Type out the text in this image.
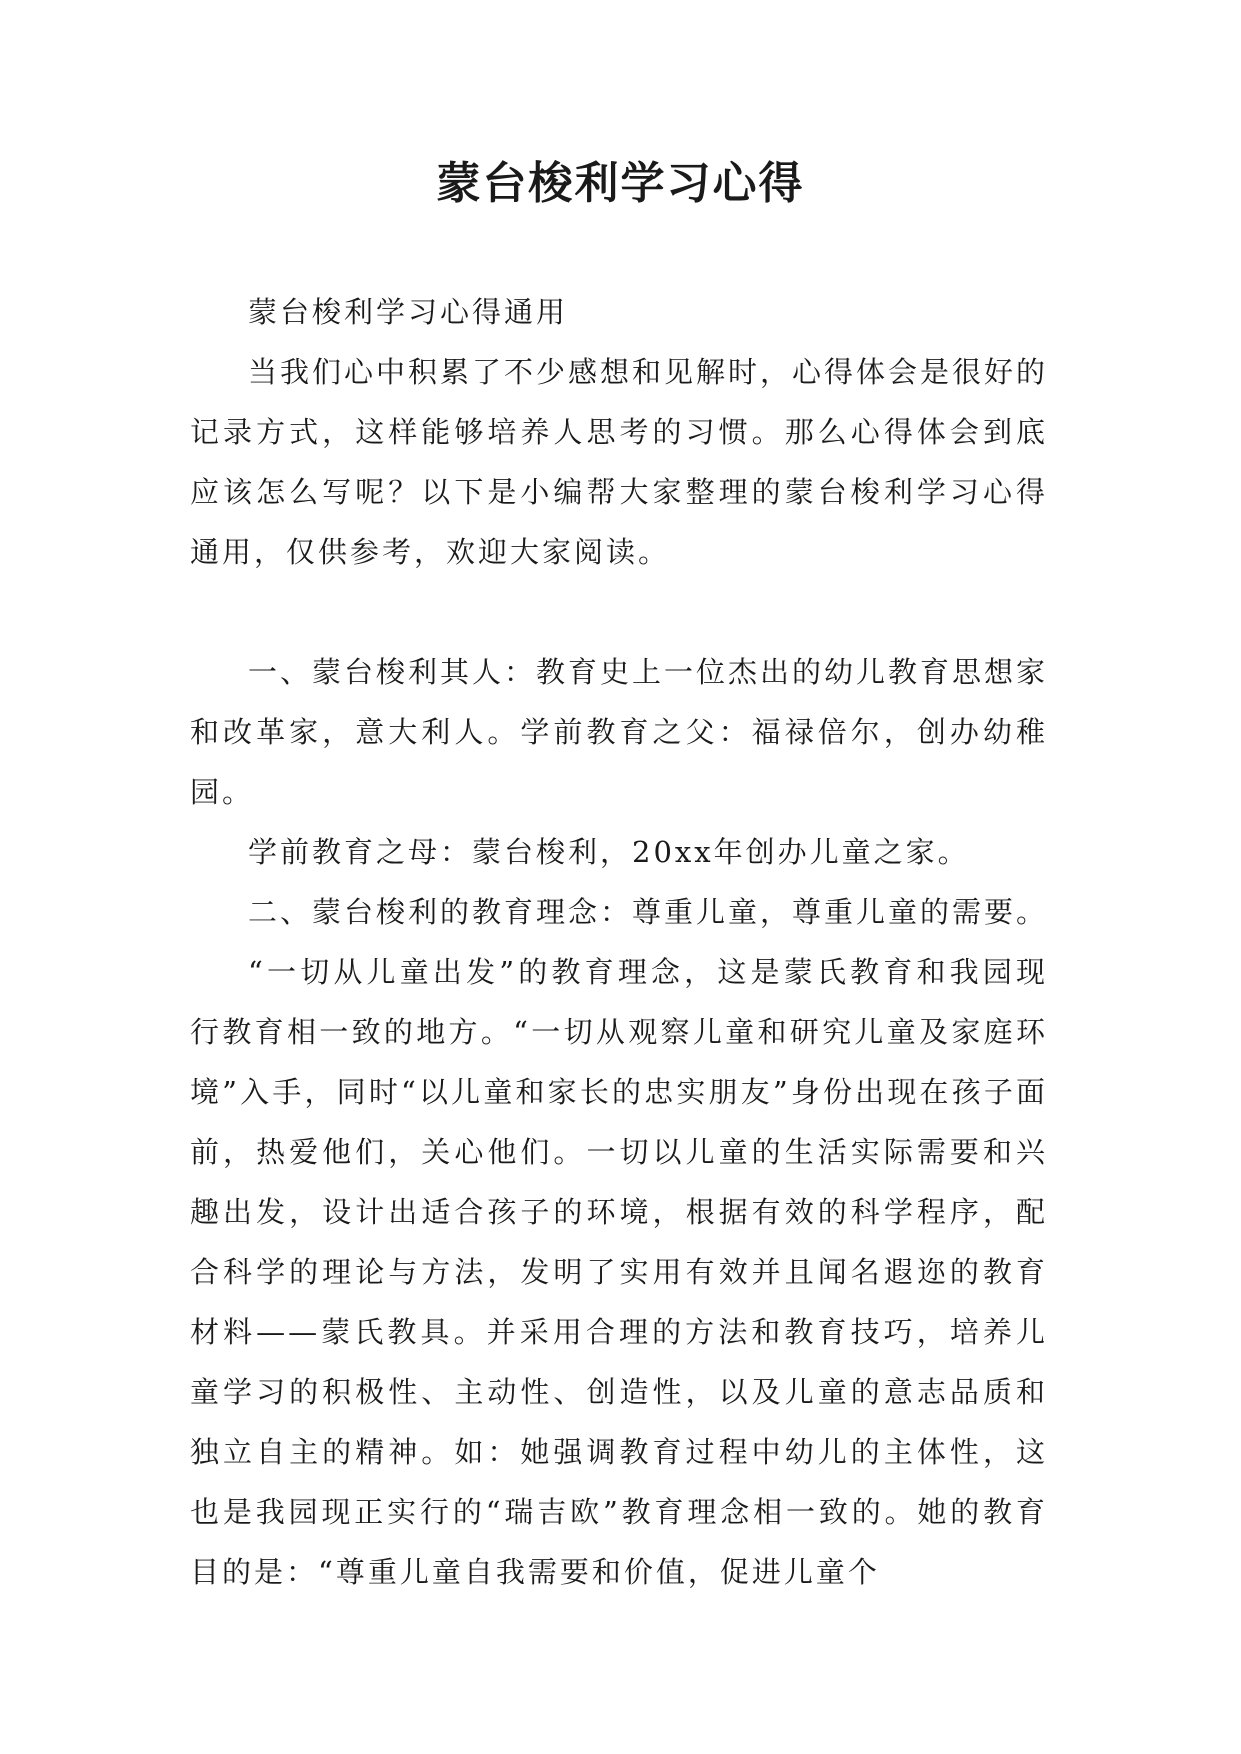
蒙台梭利学习心得

蒙台梭利学习心得通用

当我们心中积累了不少感想和见解时，心得体会是很好的记录方式，这样能够培养人思考的习惯。那么心得体会到底应该怎么写呢？以下是小编帮大家整理的蒙台梭利学习心得通用，仅供参考，欢迎大家阅读。

一、蒙台梭利其人：教育史上一位杰出的幼儿教育思想家和改革家，意大利人。学前教育之父：福禄倍尔，创办幼稚园。

学前教育之母：蒙台梭利，20xx年创办儿童之家。

二、蒙台梭利的教育理念：尊重儿童，尊重儿童的需要。

“一切从儿童出发”的教育理念，这是蒙氏教育和我园现行教育相一致的地方。“一切从观察儿童和研究儿童及家庭环境”入手，同时“以儿童和家长的忠实朋友”身份出现在孩子面前，热爱他们，关心他们。一切以儿童的生活实际需要和兴趣出发，设计出适合孩子的环境，根据有效的科学程序，配合科学的理论与方法，发明了实用有效并且闻名遐迩的教育材料——蒙氏教具。并采用合理的方法和教育技巧，培养儿童学习的积极性、主动性、创造性，以及儿童的意志品质和独立自主的精神。如：她强调教育过程中幼儿的主体性，这也是我园现正实行的“瑞吉欧”教育理念相一致的。她的教育目的是：“尊重儿童自我需要和价值，促进儿童个
